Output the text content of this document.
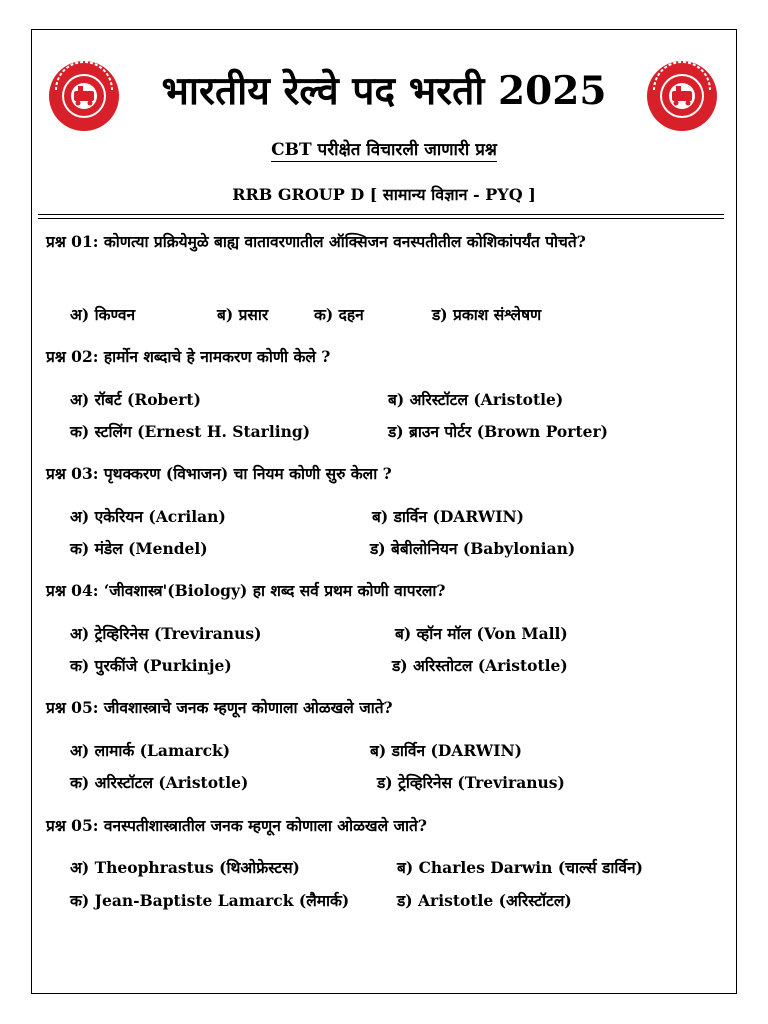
भारतीय रेल्वे पद भरती 2025
CBT परीक्षेत विचारली जाणारी प्रश्न
RRB GROUP D [ सामान्य विज्ञान - PYQ ]
प्रश्न 01: कोणत्या प्रक्रियेमुळे बाह्य वातावरणातील ऑक्सिजन वनस्पतीतील कोशिकांपर्यंत पोचते?
अ) किण्वन	ब) प्रसार	क) दहन	ड) प्रकाश संश्लेषण
प्रश्न 02: हार्मोन शब्दाचे हे नामकरण कोणी केले ?
अ) रॉबर्ट (Robert)	ब) अरिस्टॉटल (Aristotle)
क) स्टलिंग (Ernest H. Starling)	ड) ब्राउन पोर्टर (Brown Porter)
प्रश्न 03: पृथक्करण (विभाजन) चा नियम कोणी सुरु केला ?
अ) एकेरियन (Acrilan)	ब) डार्विन (DARWIN)
क) मंडेल (Mendel)	ड) बेबीलोनियन (Babylonian)
प्रश्न 04: ‘जीवशास्त्र'(Biology) हा शब्द सर्व प्रथम कोणी वापरला?
अ) ट्रेव्हिरिनेस (Treviranus)	ब) व्हॉन मॉल (Von Mall)
क) पुरकींजे (Purkinje)	ड) अरिस्तोटल (Aristotle)
प्रश्न 05: जीवशास्त्राचे जनक म्हणून कोणाला ओळखले जाते?
अ) लामार्क (Lamarck)	ब) डार्विन (DARWIN)
क) अरिस्टॉटल (Aristotle)	ड) ट्रेव्हिरिनेस (Treviranus)
प्रश्न 05: वनस्पतीशास्त्रातील जनक म्हणून कोणाला ओळखले जाते?
अ) Theophrastus (थिओफ्रेस्टस)	ब) Charles Darwin (चार्ल्स डार्विन)
क) Jean-Baptiste Lamarck (लैमार्क)	ड) Aristotle (अरिस्टॉटल)
